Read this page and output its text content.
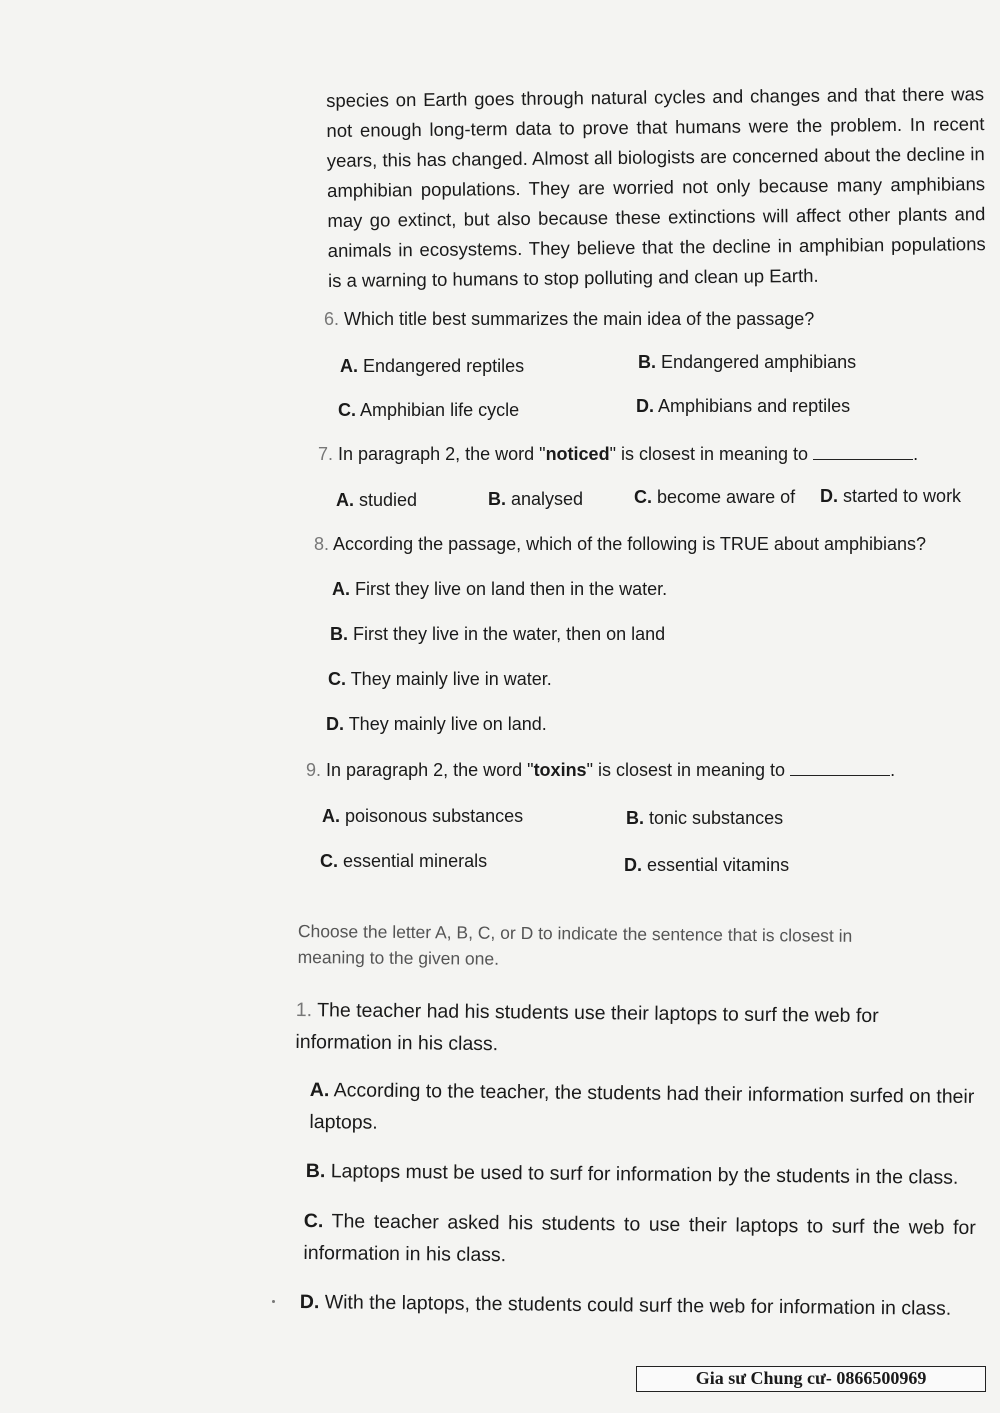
species on Earth goes through natural cycles and changes and that there was not enough long-term data to prove that humans were the problem. In recent years, this has changed. Almost all biologists are concerned about the decline in amphibian populations. They are worried not only because many amphibians may go extinct, but also because these extinctions will affect other plants and animals in ecosystems. They believe that the decline in amphibian populations is a warning to humans to stop polluting and clean up Earth.
6. Which title best summarizes the main idea of the passage?
A. Endangered reptiles	B. Endangered amphibians
C. Amphibian life cycle	D. Amphibians and reptiles
7. In paragraph 2, the word "noticed" is closest in meaning to	.
A. studied	B. analysed	C. become aware of D. started to work
8. According the passage, which of the following is TRUE about amphibians?
A. First they live on land then in the water.
B. First they live in the water, then on land
C. They mainly live in water.
D. They mainly live on land.
9. In paragraph 2, the word "toxins" is closest in meaning to	.
A. poisonous substances	B. tonic substances
C. essential minerals	D. essential vitamins
Choose the letter A, B, C, or D to indicate the sentence that is closest in meaning to the given one.
1. The teacher had his students use their laptops to surf the web for information in his class.
A. According to the teacher, the students had their information surfed on their laptops.
B. Laptops must be used to surf for information by the students in the class.
C. The teacher asked his students to use their laptops to surf the web for information in his class.
D. With the laptops, the students could surf the web for information in class.
Gia sư Chung cư- 0866500969
